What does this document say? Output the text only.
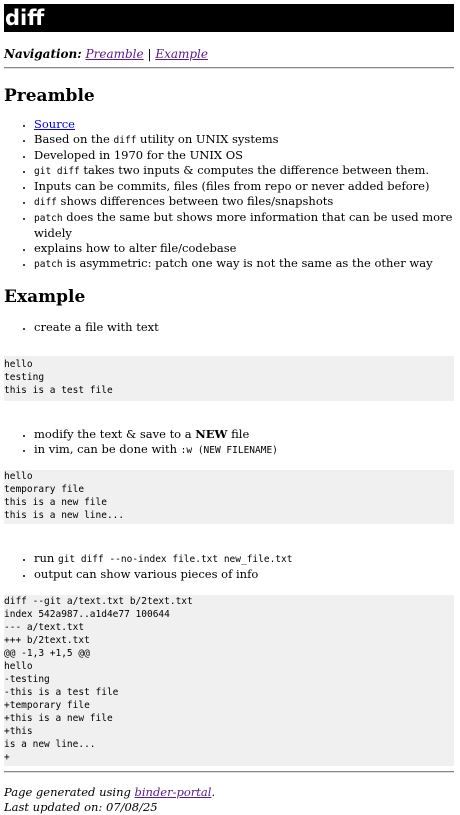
diff
Navigation: Preamble | Example
Preamble
• Source
• Based on the diff utility on UNIX systems
• Developed in 1970 for the UNIX OS
• git diff takes two inputs & computes the difference between them.
• Inputs can be commits, files (files from repo or never added before)
• diff shows differences between two files/snapshots
• patch does the same but shows more information that can be used more widely
• explains how to alter file/codebase
• patch is asymmetric: patch one way is not the same as the other way
Example
• create a file with text
hello
testing
this is a test file
• modify the text & save to a NEW file
• in vim, can be done with :w (NEW FILENAME)
hello
temporary file
this is a new file
this is a new line...
• run git diff --no-index file.txt new_file.txt
• output can show various pieces of info
diff --git a/text.txt b/2text.txt
index 542a987..a1d4e77 100644
--- a/text.txt
+++ b/2text.txt
@@ -1,3 +1,5 @@
hello
-testing
-this is a test file
+temporary file
+this is a new file
+this
is a new line...
+
Page generated using binder-portal.
Last updated on: 07/08/25
